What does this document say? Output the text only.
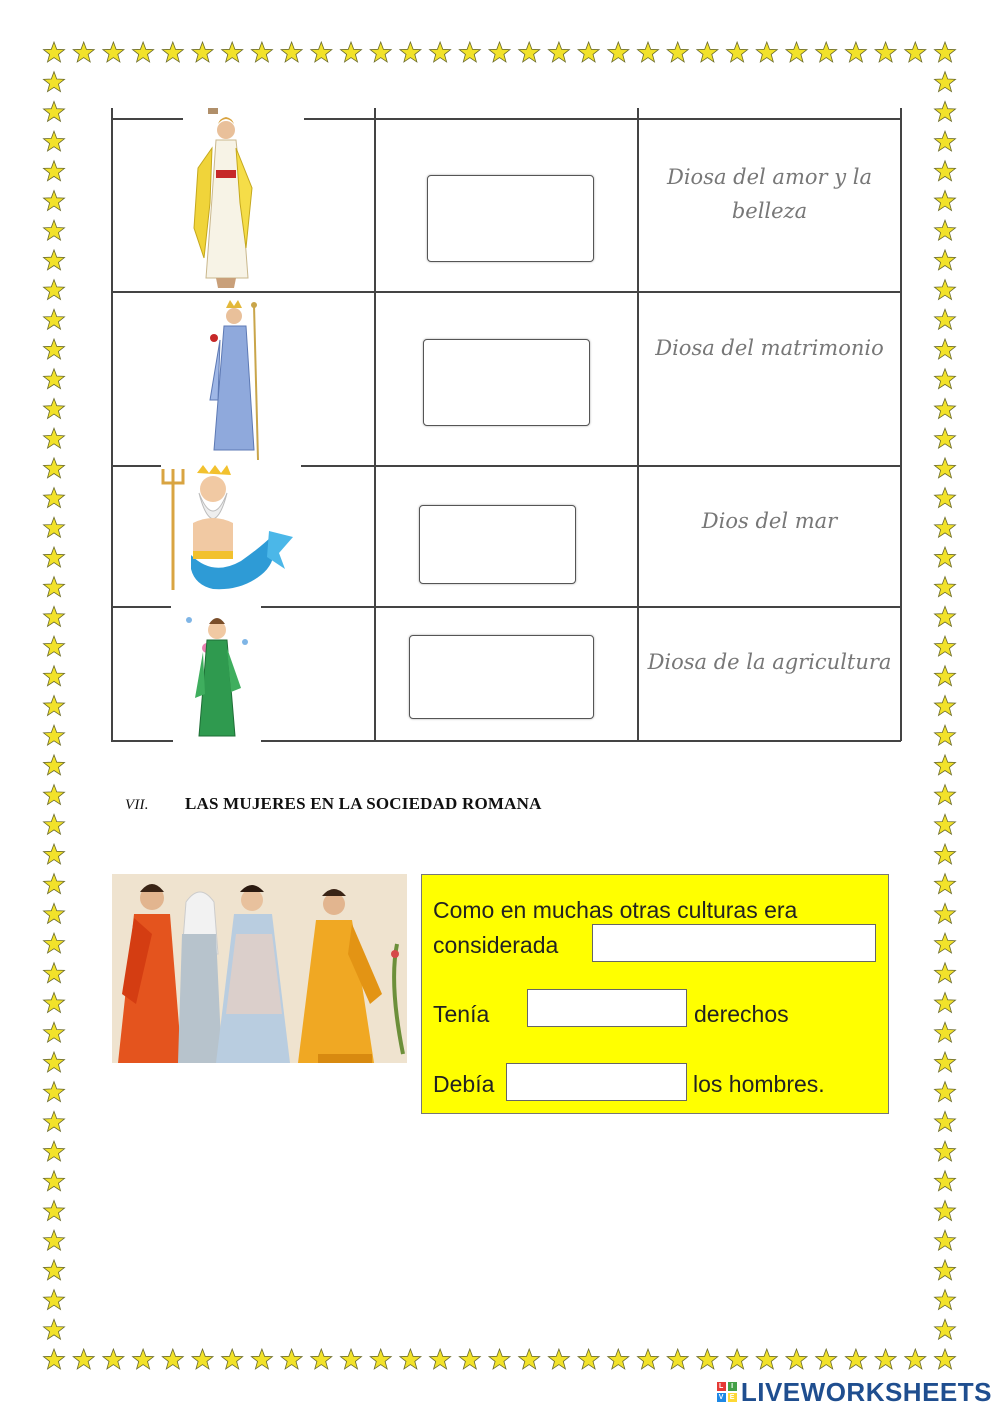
Diosa del amor y la belleza
Diosa del matrimonio
Dios del mar
Diosa de la agricultura
VII. LAS MUJERES EN LA SOCIEDAD ROMANA
Como en muchas otras culturas era
considerada
Tenía	derechos
Debía	los hombres.
L	I
V E LIVEWORKSHEETS
